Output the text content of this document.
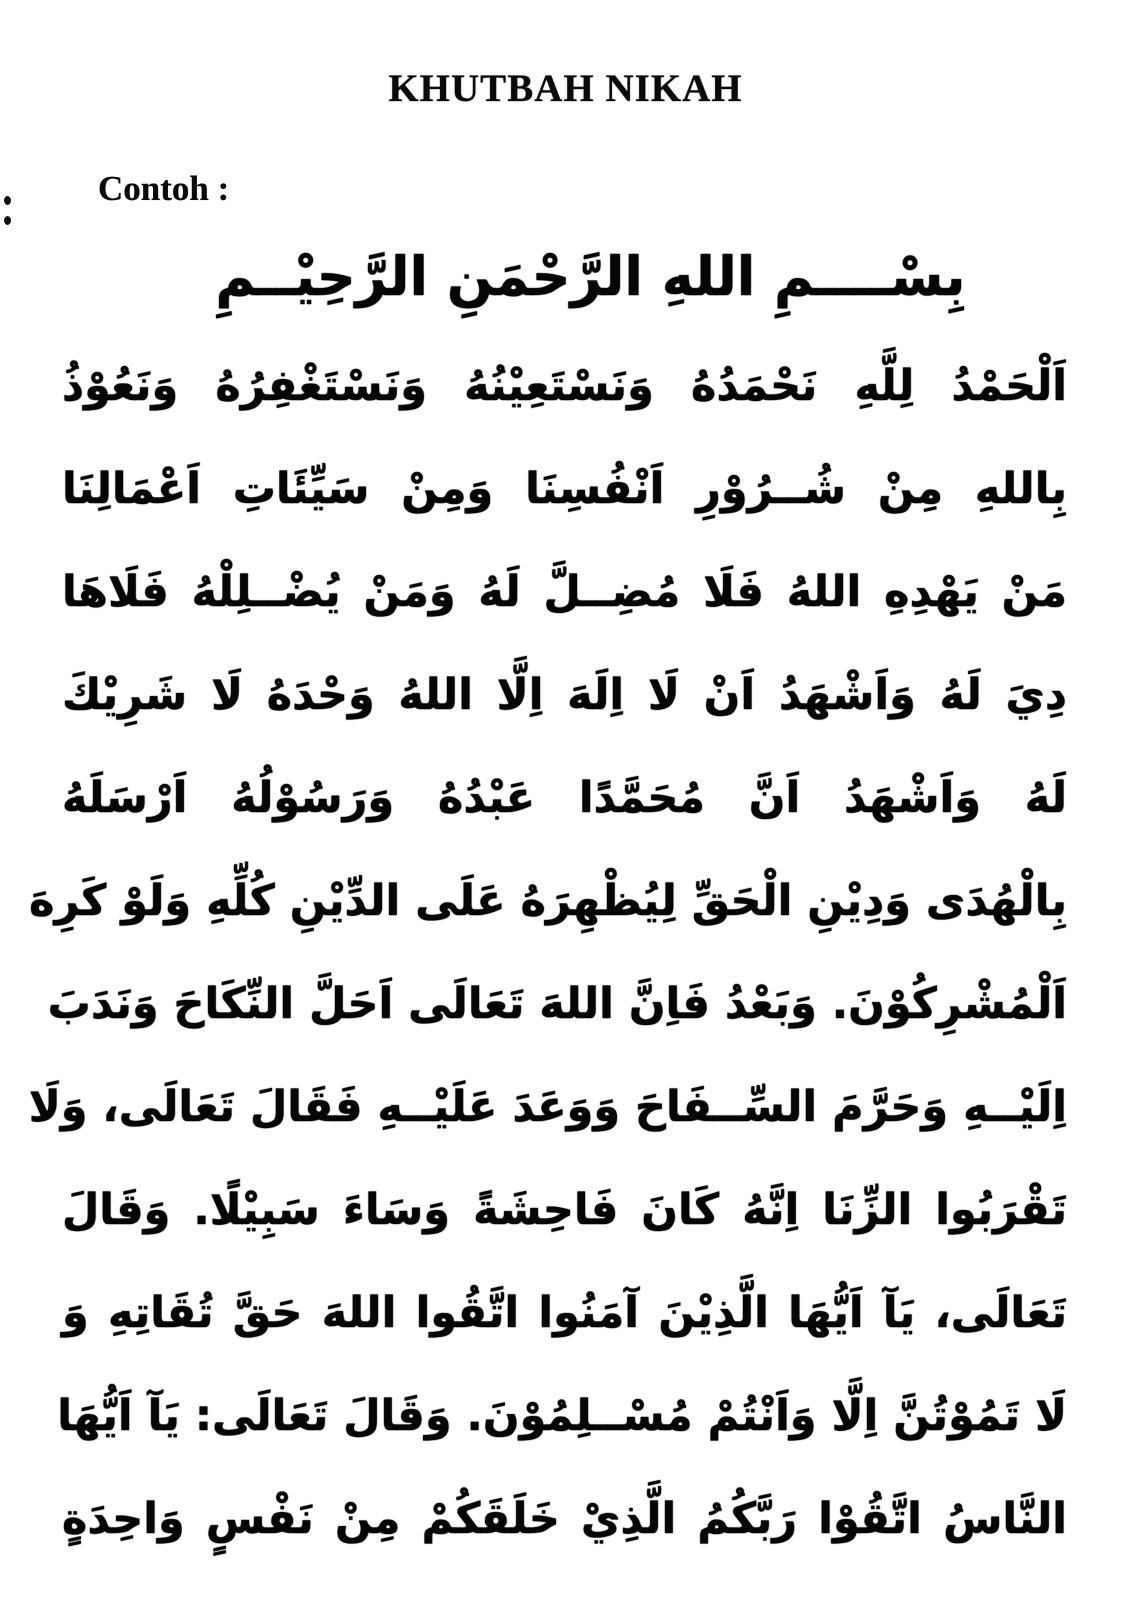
KHUTBAH NIKAH
Contoh :
بِسْــــمِ اللهِ الرَّحْمَنِ الرَّحِيْــمِ
اَلْحَمْدُ لِلَّهِ نَحْمَدُهُ وَنَسْتَعِيْنُهُ وَنَسْتَغْفِرُهُ وَنَعُوْذُ
بِاللهِ مِنْ شُــرُوْرِ اَنْفُسِنَا وَمِنْ سَيِّئَاتِ اَعْمَالِنَا
مَنْ يَهْدِهِ اللهُ فَلَا مُضِــلَّ لَهُ وَمَنْ يُضْــلِلْهُ فَلَاهَا
دِيَ لَهُ وَاَشْهَدُ اَنْ لَا اِلَهَ اِلَّا اللهُ وَحْدَهُ لَا شَرِيْكَ
لَهُ وَاَشْهَدُ اَنَّ مُحَمَّدًا عَبْدُهُ وَرَسُوْلُهُ اَرْسَلَهُ
بِالْهُدَى وَدِيْنِ الْحَقِّ لِيُظْهِرَهُ عَلَى الدِّيْنِ كُلِّهِ وَلَوْ كَرِهَ
اَلْمُشْرِكُوْنَ. وَبَعْدُ فَاِنَّ اللهَ تَعَالَى اَحَلَّ النِّكَاحَ وَنَدَبَ
اِلَيْــهِ وَحَرَّمَ السِّــفَاحَ وَوَعَدَ عَلَيْــهِ فَقَالَ تَعَالَى، وَلَا
تَقْرَبُوا الزِّنَا اِنَّهُ كَانَ فَاحِشَةً وَسَاءَ سَبِيْلًا. وَقَالَ
تَعَالَى، يَآ اَيُّهَا الَّذِيْنَ آمَنُوا اتَّقُوا اللهَ حَقَّ تُقَاتِهِ وَ
لَا تَمُوْتُنَّ اِلَّا وَاَنْتُمْ مُسْــلِمُوْنَ. وَقَالَ تَعَالَى: يَآ اَيُّهَا
النَّاسُ اتَّقُوْا رَبَّكُمُ الَّذِيْ خَلَقَكُمْ مِنْ نَفْسٍ وَاحِدَةٍ
